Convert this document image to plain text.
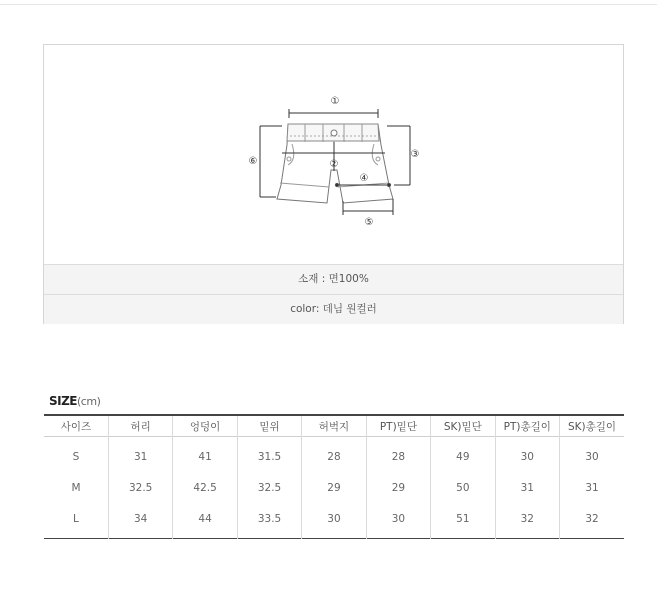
①
②
③
④
⑤
⑥
소재 : 면100%
color: 데님 원컬러
SIZE(cm)
사이즈	허리	엉덩이	밑위	허벅지	PT)밑단	SK)밑단	PT)총길이	SK)총길이
S	31	41	31.5	28	28	49	30	30
M	32.5	42.5	32.5	29	29	50	31	31
L	34	44	33.5	30	30	51	32	32
